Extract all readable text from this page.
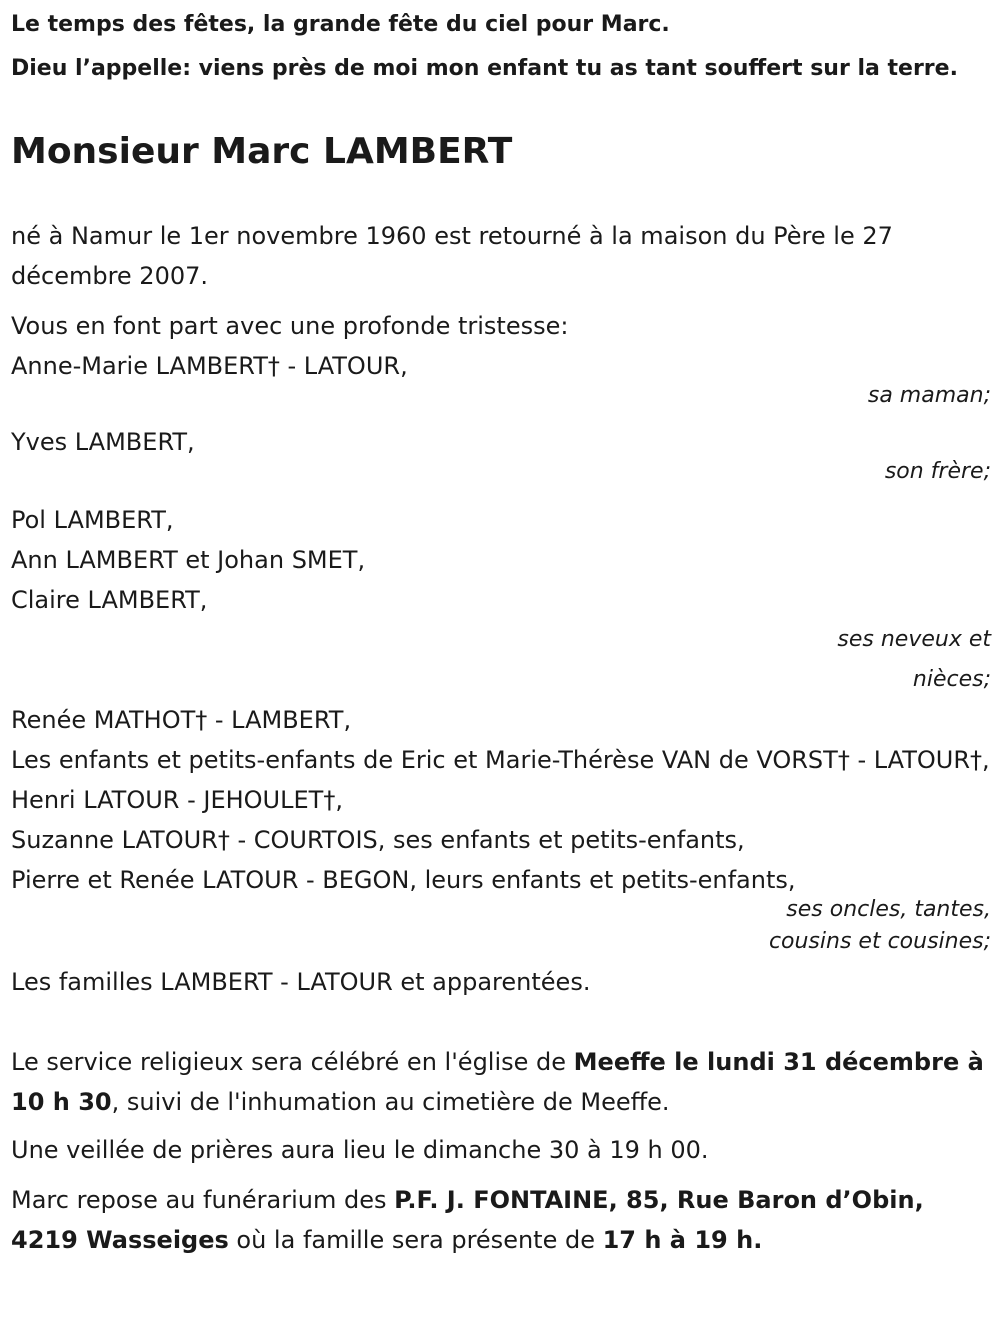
Le temps des fêtes, la grande fête du ciel pour Marc.

Dieu l’appelle: viens près de moi mon enfant tu as tant souffert sur la terre.

Monsieur Marc LAMBERT

né à Namur le 1er novembre 1960 est retourné à la maison du Père le 27 décembre 2007.

Vous en font part avec une profonde tristesse:

Anne-Marie LAMBERT† - LATOUR,

sa maman;

Yves LAMBERT,

son frère;

Pol LAMBERT,

Ann LAMBERT et Johan SMET,

Claire LAMBERT,

ses neveux et

nièces;

Renée MATHOT† - LAMBERT,

Les enfants et petits-enfants de Eric et Marie-Thérèse VAN de VORST† - LATOUR†,

Henri LATOUR - JEHOULET†,

Suzanne LATOUR† - COURTOIS, ses enfants et petits-enfants,

Pierre et Renée LATOUR - BEGON, leurs enfants et petits-enfants,

ses oncles, tantes,

cousins et cousines;

Les familles LAMBERT - LATOUR et apparentées.

Le service religieux sera célébré en l'église de Meeffe le lundi 31 décembre à 10 h 30, suivi de l'inhumation au cimetière de Meeffe.

Une veillée de prières aura lieu le dimanche 30 à 19 h 00.

Marc repose au funérarium des P.F. J. FONTAINE, 85, Rue Baron d’Obin, 4219 Wasseiges où la famille sera présente de 17 h à 19 h.
